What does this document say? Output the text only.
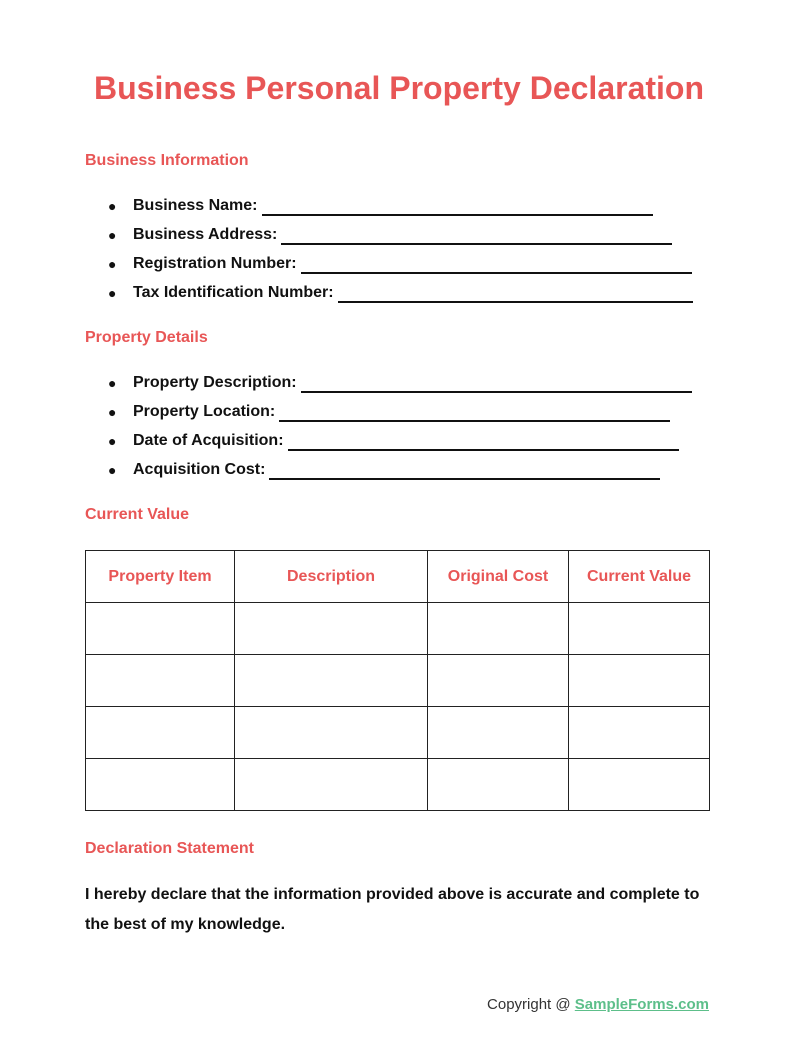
Business Personal Property Declaration
Business Information
●	Business Name:
●	Business Address:
●	Registration Number:
●	Tax Identification Number:
Property Details
●	Property Description:
●	Property Location:
●	Date of Acquisition:
●	Acquisition Cost:
Current Value
Property Item	Description	Original Cost	Current Value

Declaration Statement

I hereby declare that the information provided above is accurate and complete to the best of my knowledge.

Copyright @ SampleForms.com
